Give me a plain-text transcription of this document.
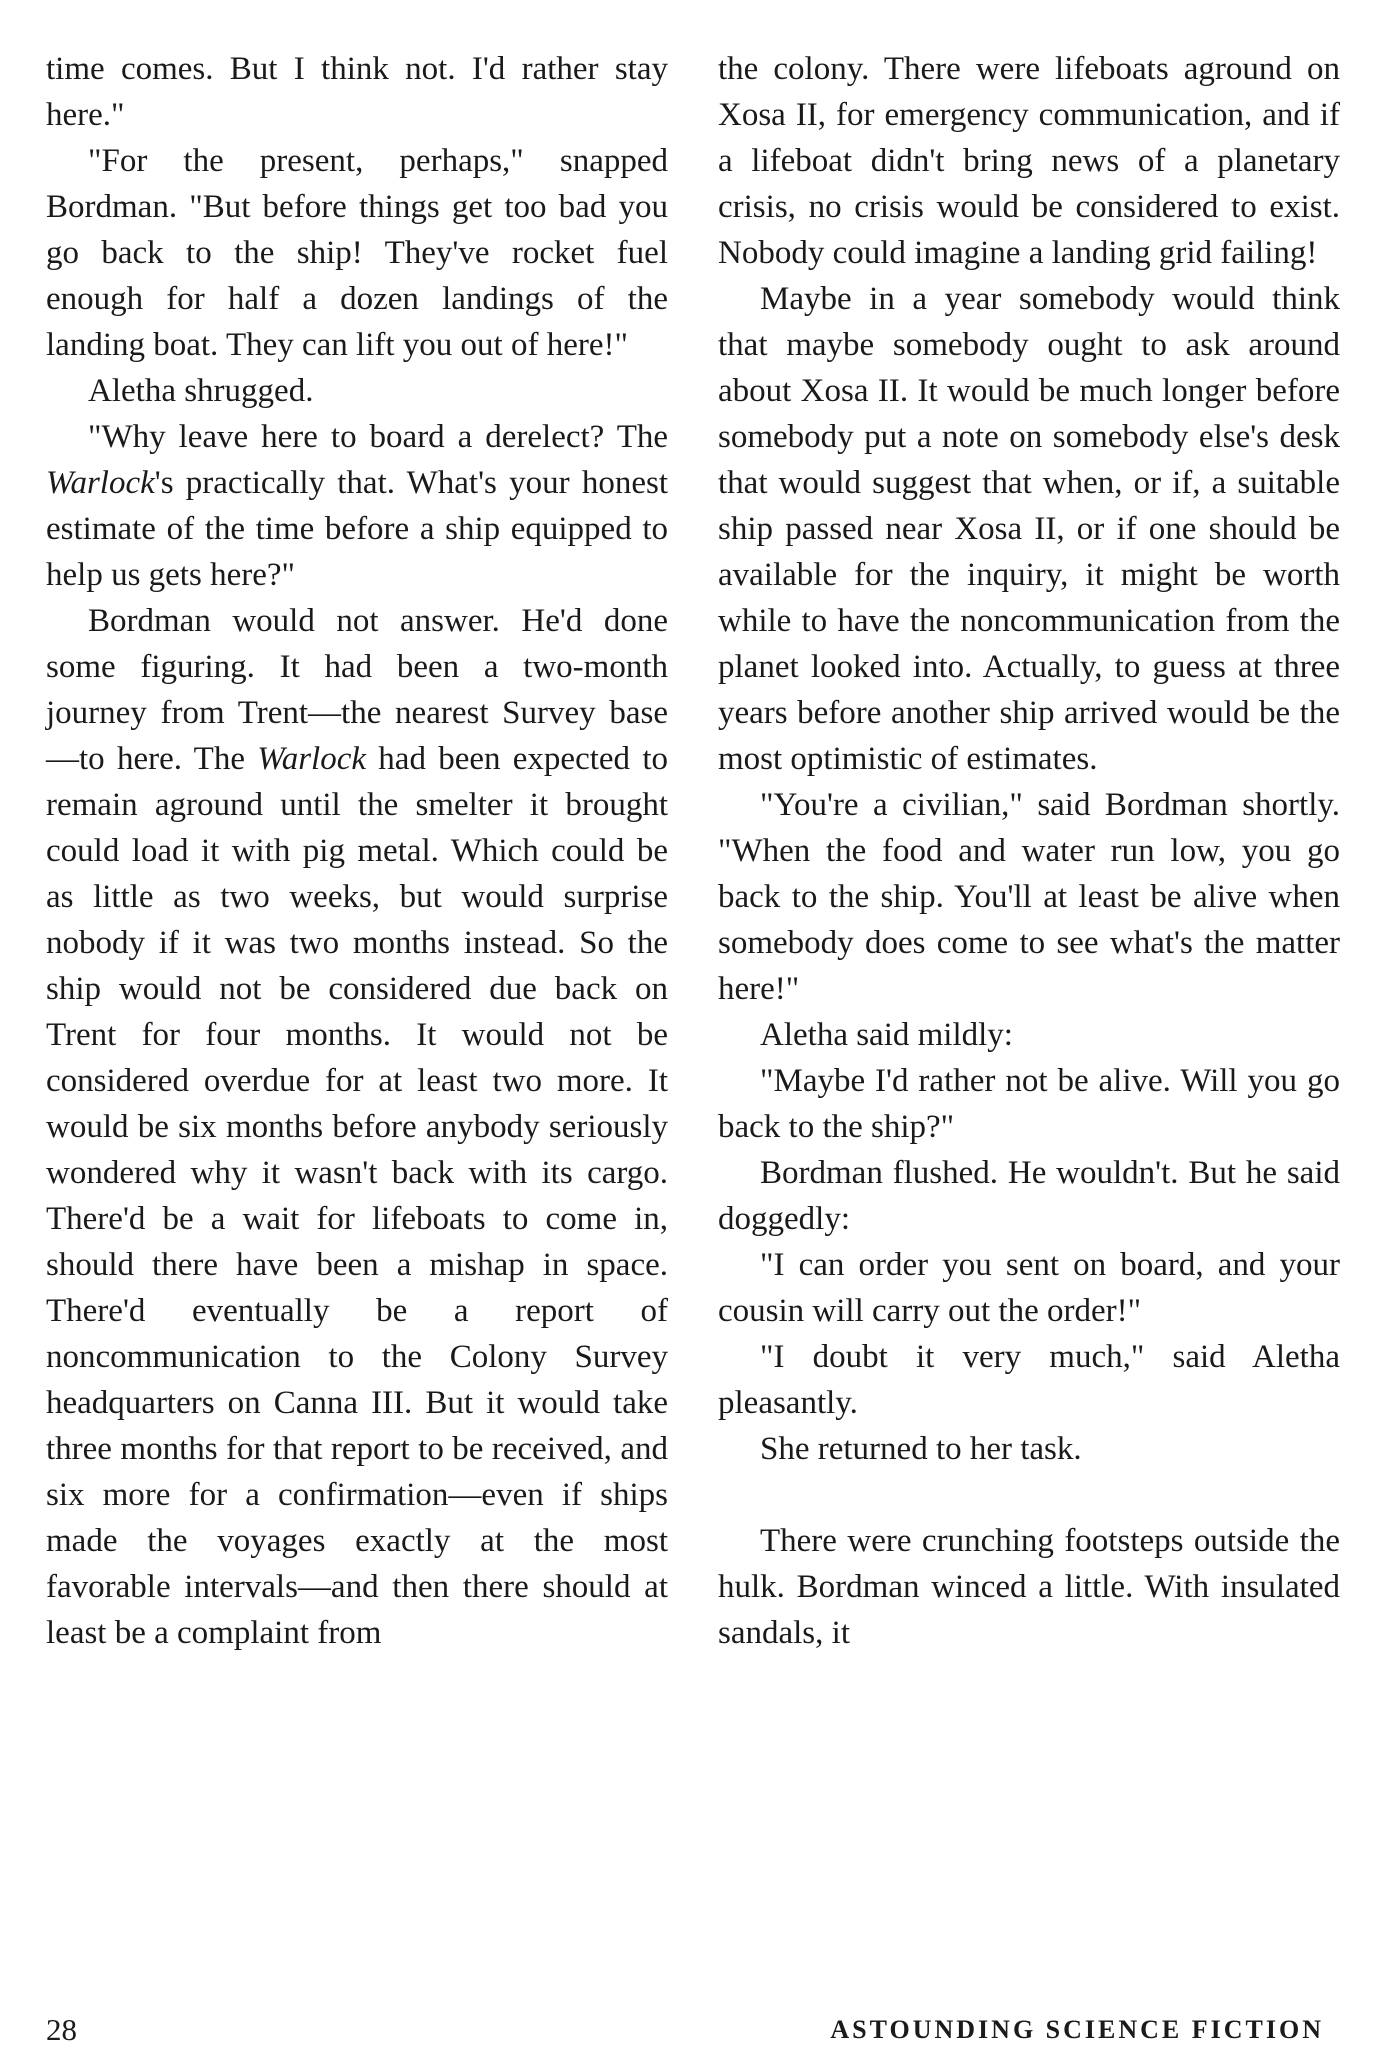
time comes. But I think not. I'd rather stay here."

"For the present, perhaps," snapped Bordman. "But before things get too bad you go back to the ship! They've rocket fuel enough for half a dozen landings of the landing boat. They can lift you out of here!"

Aletha shrugged.

"Why leave here to board a derelect? The Warlock's practically that. What's your honest estimate of the time before a ship equipped to help us gets here?"

Bordman would not answer. He'd done some figuring. It had been a two-month journey from Trent—the nearest Survey base—to here. The Warlock had been expected to remain aground until the smelter it brought could load it with pig metal. Which could be as little as two weeks, but would surprise nobody if it was two months instead. So the ship would not be considered due back on Trent for four months. It would not be considered overdue for at least two more. It would be six months before anybody seriously wondered why it wasn't back with its cargo. There'd be a wait for lifeboats to come in, should there have been a mishap in space. There'd eventually be a report of noncommunication to the Colony Survey headquarters on Canna III. But it would take three months for that report to be received, and six more for a confirmation—even if ships made the voyages exactly at the most favorable intervals—and then there should at least be a complaint from

the colony. There were lifeboats aground on Xosa II, for emergency communication, and if a lifeboat didn't bring news of a planetary crisis, no crisis would be considered to exist. Nobody could imagine a landing grid failing!

Maybe in a year somebody would think that maybe somebody ought to ask around about Xosa II. It would be much longer before somebody put a note on somebody else's desk that would suggest that when, or if, a suitable ship passed near Xosa II, or if one should be available for the inquiry, it might be worth while to have the noncommunication from the planet looked into. Actually, to guess at three years before another ship arrived would be the most optimistic of estimates.

"You're a civilian," said Bordman shortly. "When the food and water run low, you go back to the ship. You'll at least be alive when somebody does come to see what's the matter here!"

Aletha said mildly:

"Maybe I'd rather not be alive. Will you go back to the ship?"

Bordman flushed. He wouldn't. But he said doggedly:

"I can order you sent on board, and your cousin will carry out the order!"

"I doubt it very much," said Aletha pleasantly.

She returned to her task.

There were crunching footsteps outside the hulk. Bordman winced a little. With insulated sandals, it

28	ASTOUNDING SCIENCE FICTION
